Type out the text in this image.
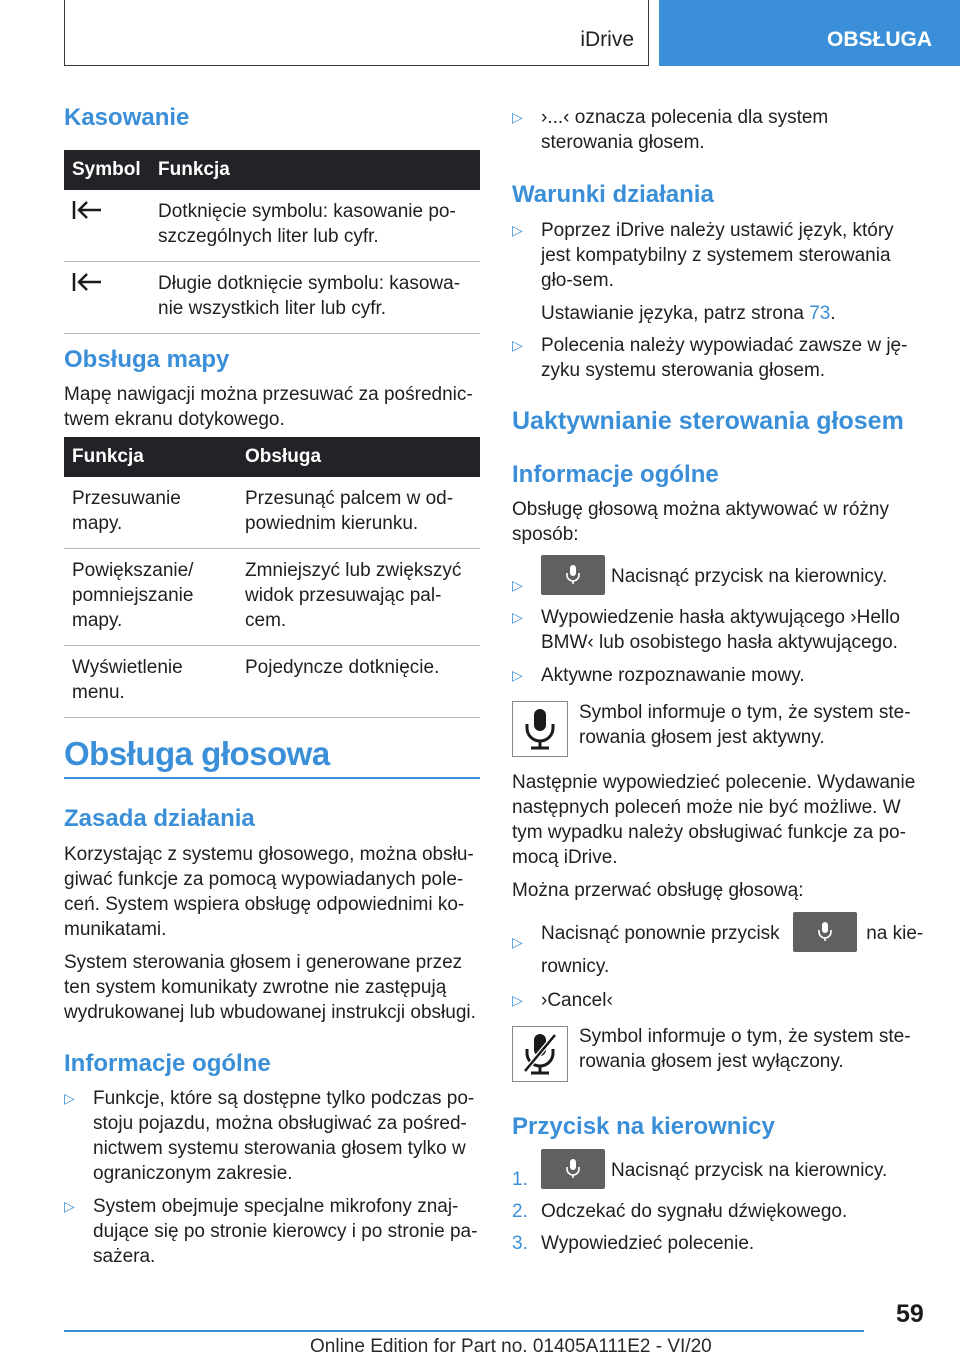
iDrive	OBSŁUGA
Kasowanie
Symbol	Funkcja
	Dotknięcie symbolu: kasowanie po-szczególnych liter lub cyfr.
	Długie dotknięcie symbolu: kasowa-nie wszystkich liter lub cyfr.
Obsługa mapy
Mapę nawigacji można przesuwać za pośrednic-twem ekranu dotykowego.
Funkcja	Obsługa
Przesuwanie mapy.	Przesunąć palcem w od-powiednim kierunku.
Powiększanie/ pomniejszanie mapy.	Zmniejszyć lub zwiększyć widok przesuwając pal-cem.
Wyświetlenie menu.	Pojedyncze dotknięcie.
Obsługa głosowa
Zasada działania
Korzystając z systemu głosowego, można obsłu-giwać funkcje za pomocą wypowiadanych pole-ceń. System wspiera obsługę odpowiednimi ko-munikatami.
System sterowania głosem i generowane przez ten system komunikaty zwrotne nie zastępują wydrukowanej lub wbudowanej instrukcji obsługi.
Informacje ogólne
▷ Funkcje, które są dostępne tylko podczas po-stoju pojazdu, można obsługiwać za pośred-nictwem systemu sterowania głosem tylko w ograniczonym zakresie.
▷ System obejmuje specjalne mikrofony znaj-dujące się po stronie kierowcy i po stronie pa-sażera.
▷ ›...‹ oznacza polecenia dla system sterowania głosem.
Warunki działania
▷ Poprzez iDrive należy ustawić język, który jest kompatybilny z systemem sterowania gło-sem.
Ustawianie języka, patrz strona 73.
▷ Polecenia należy wypowiadać zawsze w ję-zyku systemu sterowania głosem.
Uaktywnianie sterowania głosem
Informacje ogólne
Obsługę głosową można aktywować w różny sposób:
▷	Nacisnąć przycisk na kierownicy.
▷ Wypowiedzenie hasła aktywującego ›Hello BMW‹ lub osobistego hasła aktywującego.
▷ Aktywne rozpoznawanie mowy.
Symbol informuje o tym, że system ste-rowania głosem jest aktywny.
Następnie wypowiedzieć polecenie. Wydawanie następnych poleceń może nie być możliwe. W tym wypadku należy obsługiwać funkcje za po-mocą iDrive.
Można przerwać obsługę głosową:
▷ Nacisnąć ponownie przycisk	na kie-rownicy.
▷ ›Cancel‹
Symbol informuje o tym, że system ste-rowania głosem jest wyłączony.
Przycisk na kierownicy
1.	Nacisnąć przycisk na kierownicy.
2. Odczekać do sygnału dźwiękowego.
3. Wypowiedzieć polecenie.
59
Online Edition for Part no. 01405A111E2 - VI/20
